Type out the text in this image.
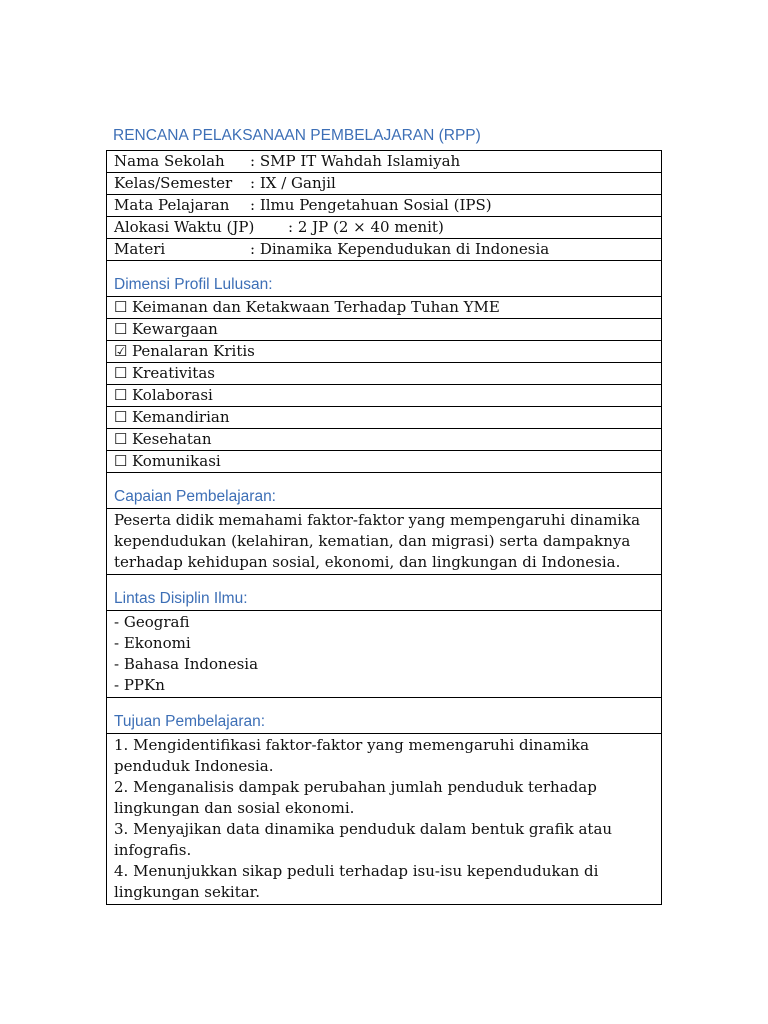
RENCANA PELAKSANAAN PEMBELAJARAN (RPP)
Nama Sekolah : SMP IT Wahdah Islamiyah
Kelas/Semester : IX / Ganjil
Mata Pelajaran : Ilmu Pengetahuan Sosial (IPS)
Alokasi Waktu (JP) : 2 JP (2 × 40 menit)
Materi	: Dinamika Kependudukan di Indonesia

Dimensi Profil Lulusan:

☐ Keimanan dan Ketakwaan Terhadap Tuhan YME
☐ Kewargaan
☑ Penalaran Kritis
☐ Kreativitas
☐ Kolaborasi
☐ Kemandirian
☐ Kesehatan
☐ Komunikasi

Capaian Pembelajaran:

Peserta didik memahami faktor-faktor yang mempengaruhi dinamika kependudukan (kelahiran, kematian, dan migrasi) serta dampaknya terhadap kehidupan sosial, ekonomi, dan lingkungan di Indonesia.

Lintas Disiplin Ilmu:

- Geografi
- Ekonomi
- Bahasa Indonesia
- PPKn

Tujuan Pembelajaran:

1. Mengidentifikasi faktor-faktor yang memengaruhi dinamika penduduk Indonesia.
2. Menganalisis dampak perubahan jumlah penduduk terhadap lingkungan dan sosial ekonomi.
3. Menyajikan data dinamika penduduk dalam bentuk grafik atau infografis.
4. Menunjukkan sikap peduli terhadap isu-isu kependudukan di lingkungan sekitar.
